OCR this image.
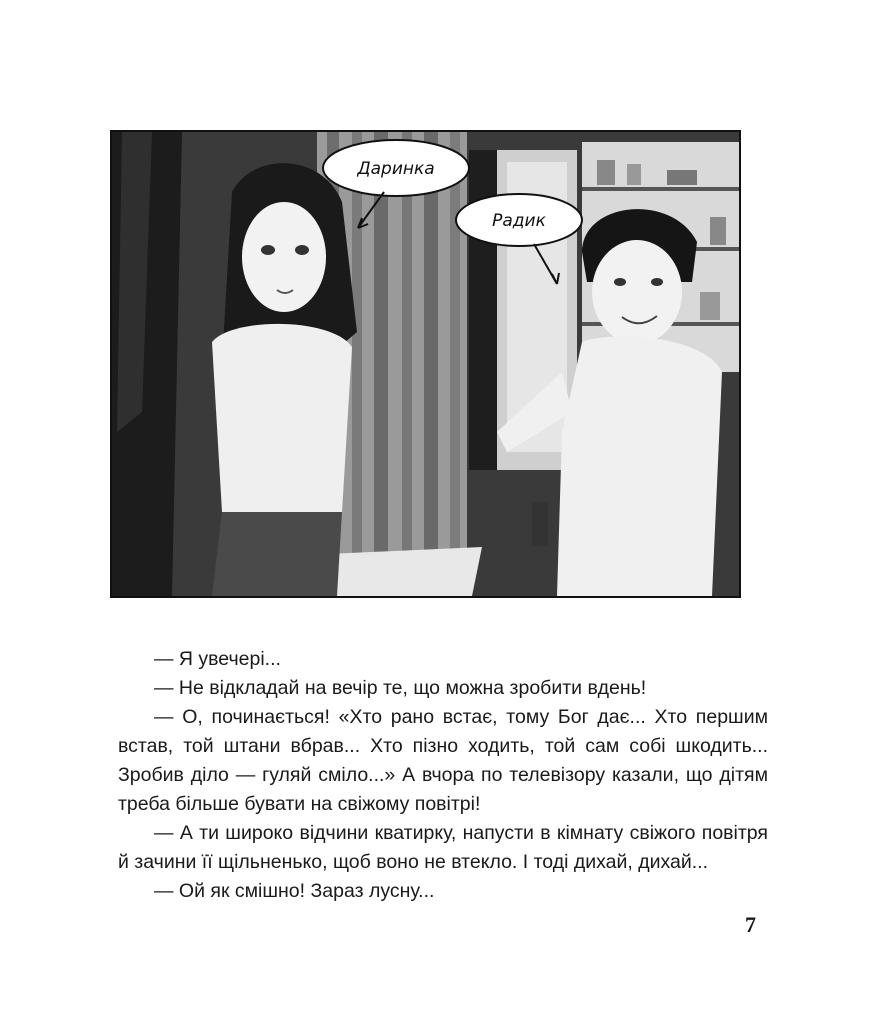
Даринка
Радик

— Я увечері...

— Не відкладай на вечір те, що можна зробити вдень!

— О, починається! «Хто рано встає, тому Бог дає... Хто першим встав, той штани вбрав... Хто пізно ходить, той сам собі шкодить... Зробив діло — гуляй сміло...» А вчора по телевізору казали, що дітям треба більше бувати на свіжому повітрі!

— А ти широко відчини кватирку, напусти в кімнату свіжого повітря й зачини її щільненько, щоб воно не втекло. І тоді дихай, дихай...

— Ой як смішно! Зараз лусну...

7
